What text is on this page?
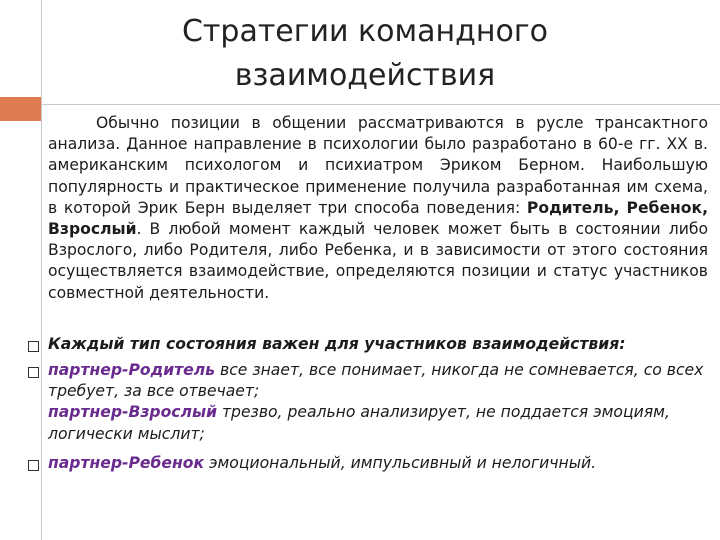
Стратегии командного
взаимодействия

Обычно позиции в общении рассматриваются в русле трансактного анализа. Данное направление в психологии было разработано в 60-е гг. XX в. американским психологом и психиатром Эриком Берном. Наибольшую популярность и практическое применение получила разработанная им схема, в которой Эрик Берн выделяет три способа поведения: Родитель, Ребенок, Взрослый. В любой момент каждый человек может быть в состоянии либо Взрослого, либо Родителя, либо Ребенка, и в зависимости от этого состояния осуществляется взаимодействие, определяются позиции и статус участников совместной деятельности.

Каждый тип состояния важен для участников взаимодействия:

партнер-Родитель все знает, все понимает, никогда не сомневается, со всех требует, за все отвечает;
партнер-Взрослый трезво, реально анализирует, не поддается эмоциям, логически мыслит;

партнер-Ребенок эмоциональный, импульсивный и нелогичный.
